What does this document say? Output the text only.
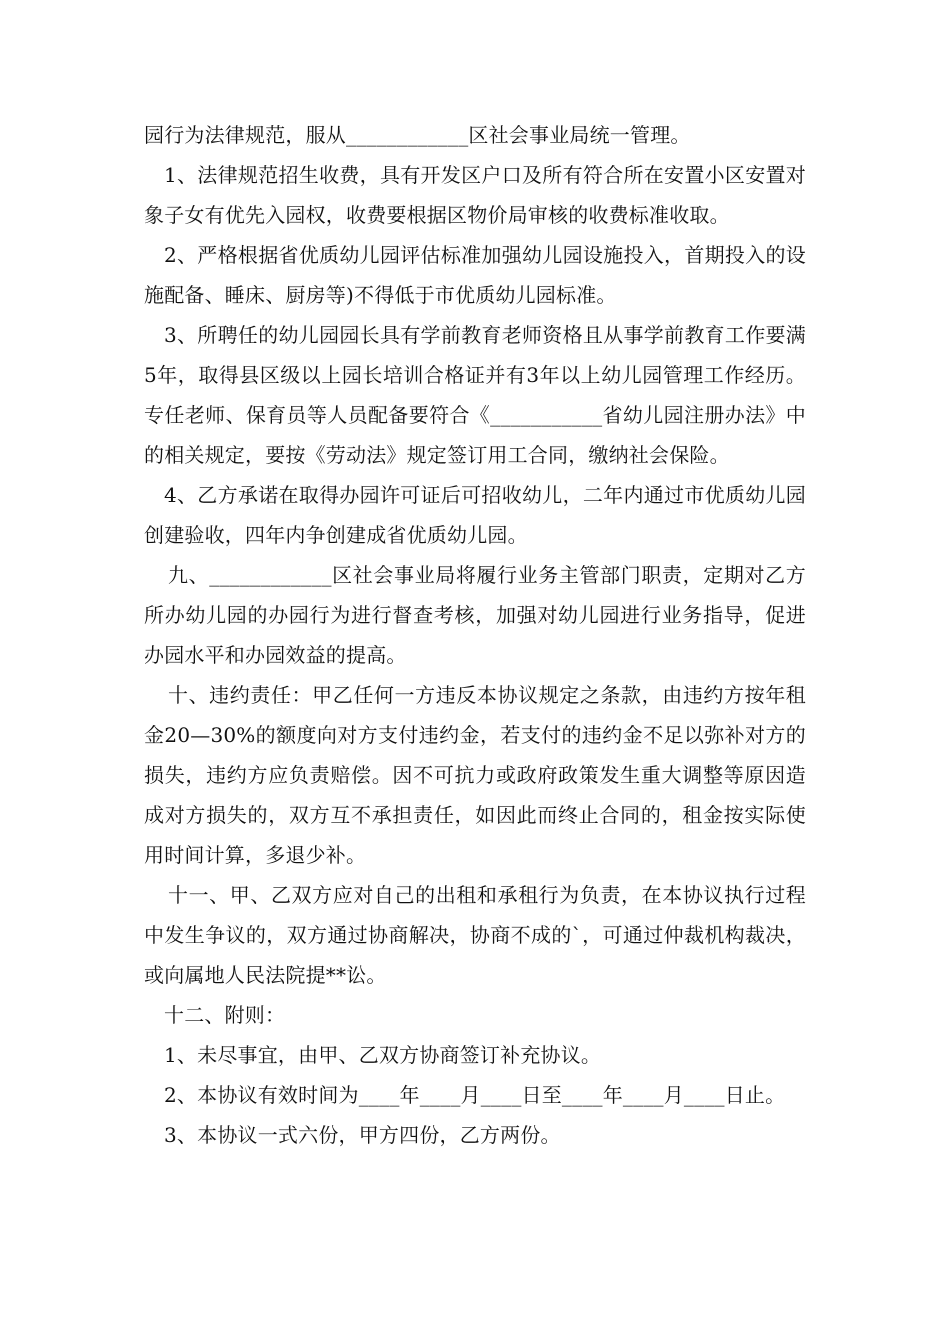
园行为法律规范，服从____________区社会事业局统一管理。

1、法律规范招生收费，具有开发区户口及所有符合所在安置小区安置对象子女有优先入园权，收费要根据区物价局审核的收费标准收取。

2、严格根据省优质幼儿园评估标准加强幼儿园设施投入，首期投入的设施配备、睡床、厨房等)不得低于市优质幼儿园标准。

3、所聘任的幼儿园园长具有学前教育老师资格且从事学前教育工作要满5年，取得县区级以上园长培训合格证并有3年以上幼儿园管理工作经历。专任老师、保育员等人员配备要符合《___________省幼儿园注册办法》中的相关规定，要按《劳动法》规定签订用工合同，缴纳社会保险。

4、乙方承诺在取得办园许可证后可招收幼儿，二年内通过市优质幼儿园创建验收，四年内争创建成省优质幼儿园。

九、____________区社会事业局将履行业务主管部门职责，定期对乙方所办幼儿园的办园行为进行督查考核，加强对幼儿园进行业务指导，促进办园水平和办园效益的提高。

十、违约责任：甲乙任何一方违反本协议规定之条款，由违约方按年租金20—30%的额度向对方支付违约金，若支付的违约金不足以弥补对方的损失，违约方应负责赔偿。因不可抗力或政府政策发生重大调整等原因造成对方损失的，双方互不承担责任，如因此而终止合同的，租金按实际使用时间计算，多退少补。

十一、甲、乙双方应对自己的出租和承租行为负责，在本协议执行过程中发生争议的，双方通过协商解决，协商不成的`，可通过仲裁机构裁决，或向属地人民法院提**讼。

十二、附则：

1、未尽事宜，由甲、乙双方协商签订补充协议。

2、本协议有效时间为____年____月____日至____年____月____日止。

3、本协议一式六份，甲方四份，乙方两份。
